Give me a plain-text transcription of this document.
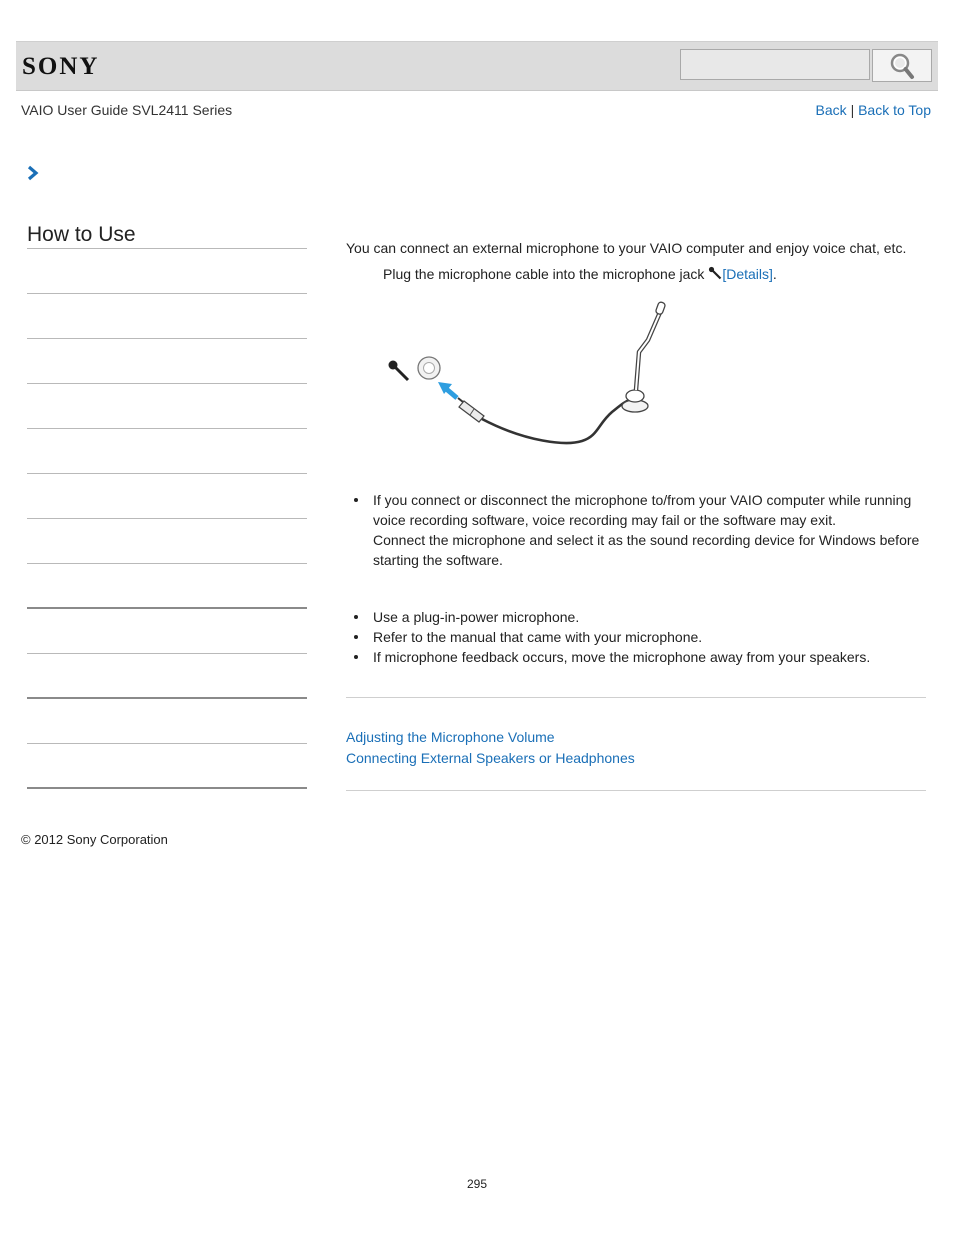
SONY
VAIO User Guide SVL2411 Series	Back | Back to Top
How to Use
You can connect an external microphone to your VAIO computer and enjoy voice chat, etc.
Plug the microphone cable into the microphone jack [Details].
If you connect or disconnect the microphone to/from your VAIO computer while running voice recording software, voice recording may fail or the software may exit.
Connect the microphone and select it as the sound recording device for Windows before starting the software.
Use a plug-in-power microphone.
Refer to the manual that came with your microphone.
If microphone feedback occurs, move the microphone away from your speakers.
Adjusting the Microphone Volume
Connecting External Speakers or Headphones
© 2012 Sony Corporation
295
